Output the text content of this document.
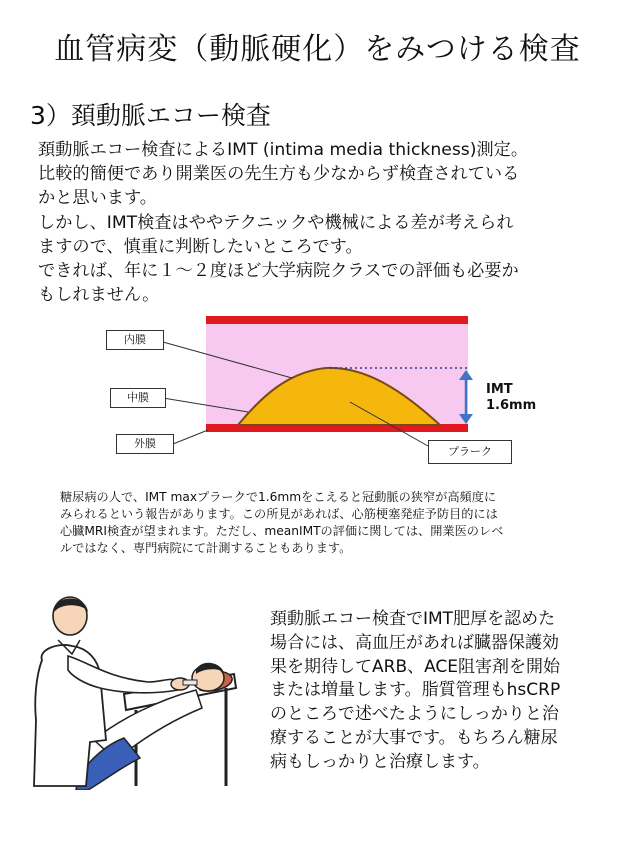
血管病変（動脈硬化）をみつける検査
3）頚動脈エコー検査
頚動脈エコー検査によるIMT (intima media thickness)測定。
比較的簡便であり開業医の先生方も少なからず検査されている
かと思います。
しかし、IMT検査はややテクニックや機械による差が考えられ
ますので、慎重に判断したいところです。
できれば、年に１～２度ほど大学病院クラスでの評価も必要か
もしれません。
内膜
中膜
外膜
プラーク
IMT
1.6mm
糖尿病の人で、IMT maxプラークで1.6mmをこえると冠動脈の狭窄が高頻度に
みられるという報告があります。この所見があれば、心筋梗塞発症予防目的には
心臓MRI検査が望まれます。ただし、meanIMTの評価に関しては、開業医のレベ
ルではなく、専門病院にて計測することもあります。
頚動脈エコー検査でIMT肥厚を認めた
場合には、高血圧があれば臓器保護効
果を期待してARB、ACE阻害剤を開始
または増量します。脂質管理もhsCRP
のところで述べたようにしっかりと治
療することが大事です。もちろん糖尿
病もしっかりと治療します。
